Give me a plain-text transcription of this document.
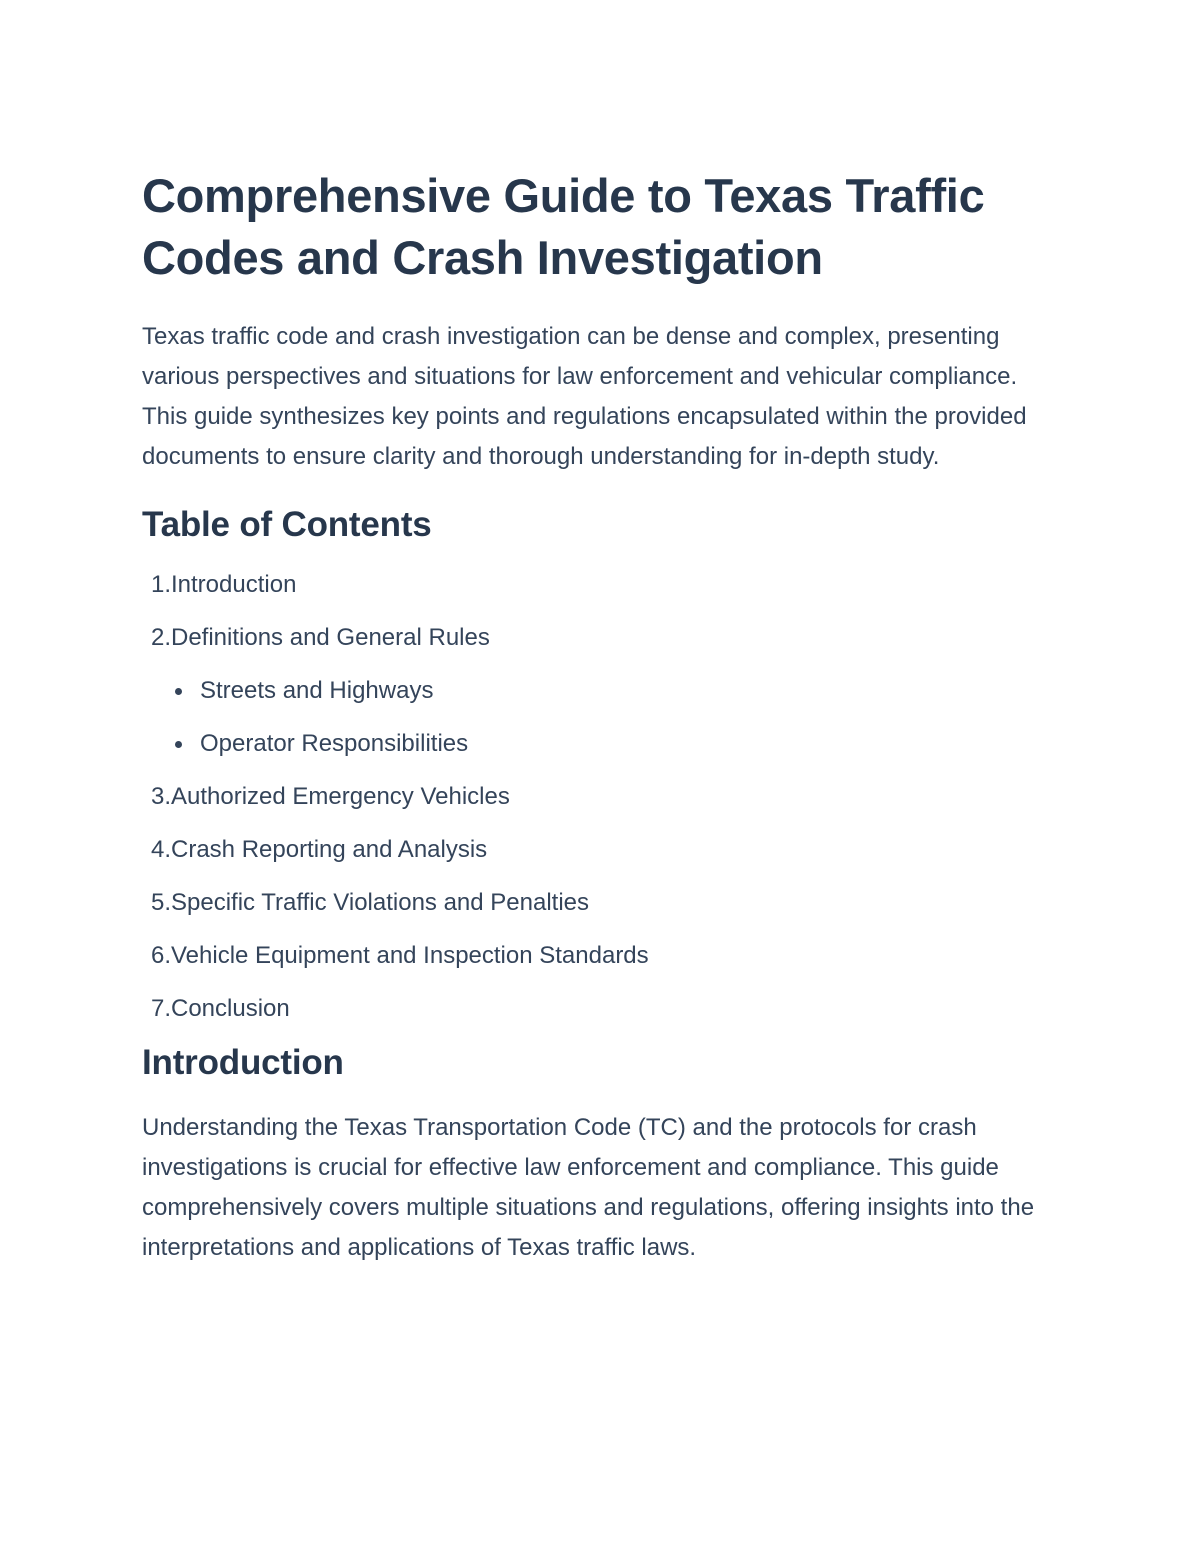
Comprehensive Guide to Texas Traffic Codes and Crash Investigation

Texas traffic code and crash investigation can be dense and complex, presenting various perspectives and situations for law enforcement and vehicular compliance. This guide synthesizes key points and regulations encapsulated within the provided documents to ensure clarity and thorough understanding for in-depth study.

Table of Contents
1. Introduction
2. Definitions and General Rules
Streets and Highways
Operator Responsibilities
3. Authorized Emergency Vehicles
4. Crash Reporting and Analysis
5. Specific Traffic Violations and Penalties
6. Vehicle Equipment and Inspection Standards
7. Conclusion
Introduction

Understanding the Texas Transportation Code (TC) and the protocols for crash investigations is crucial for effective law enforcement and compliance. This guide comprehensively covers multiple situations and regulations, offering insights into the interpretations and applications of Texas traffic laws.
